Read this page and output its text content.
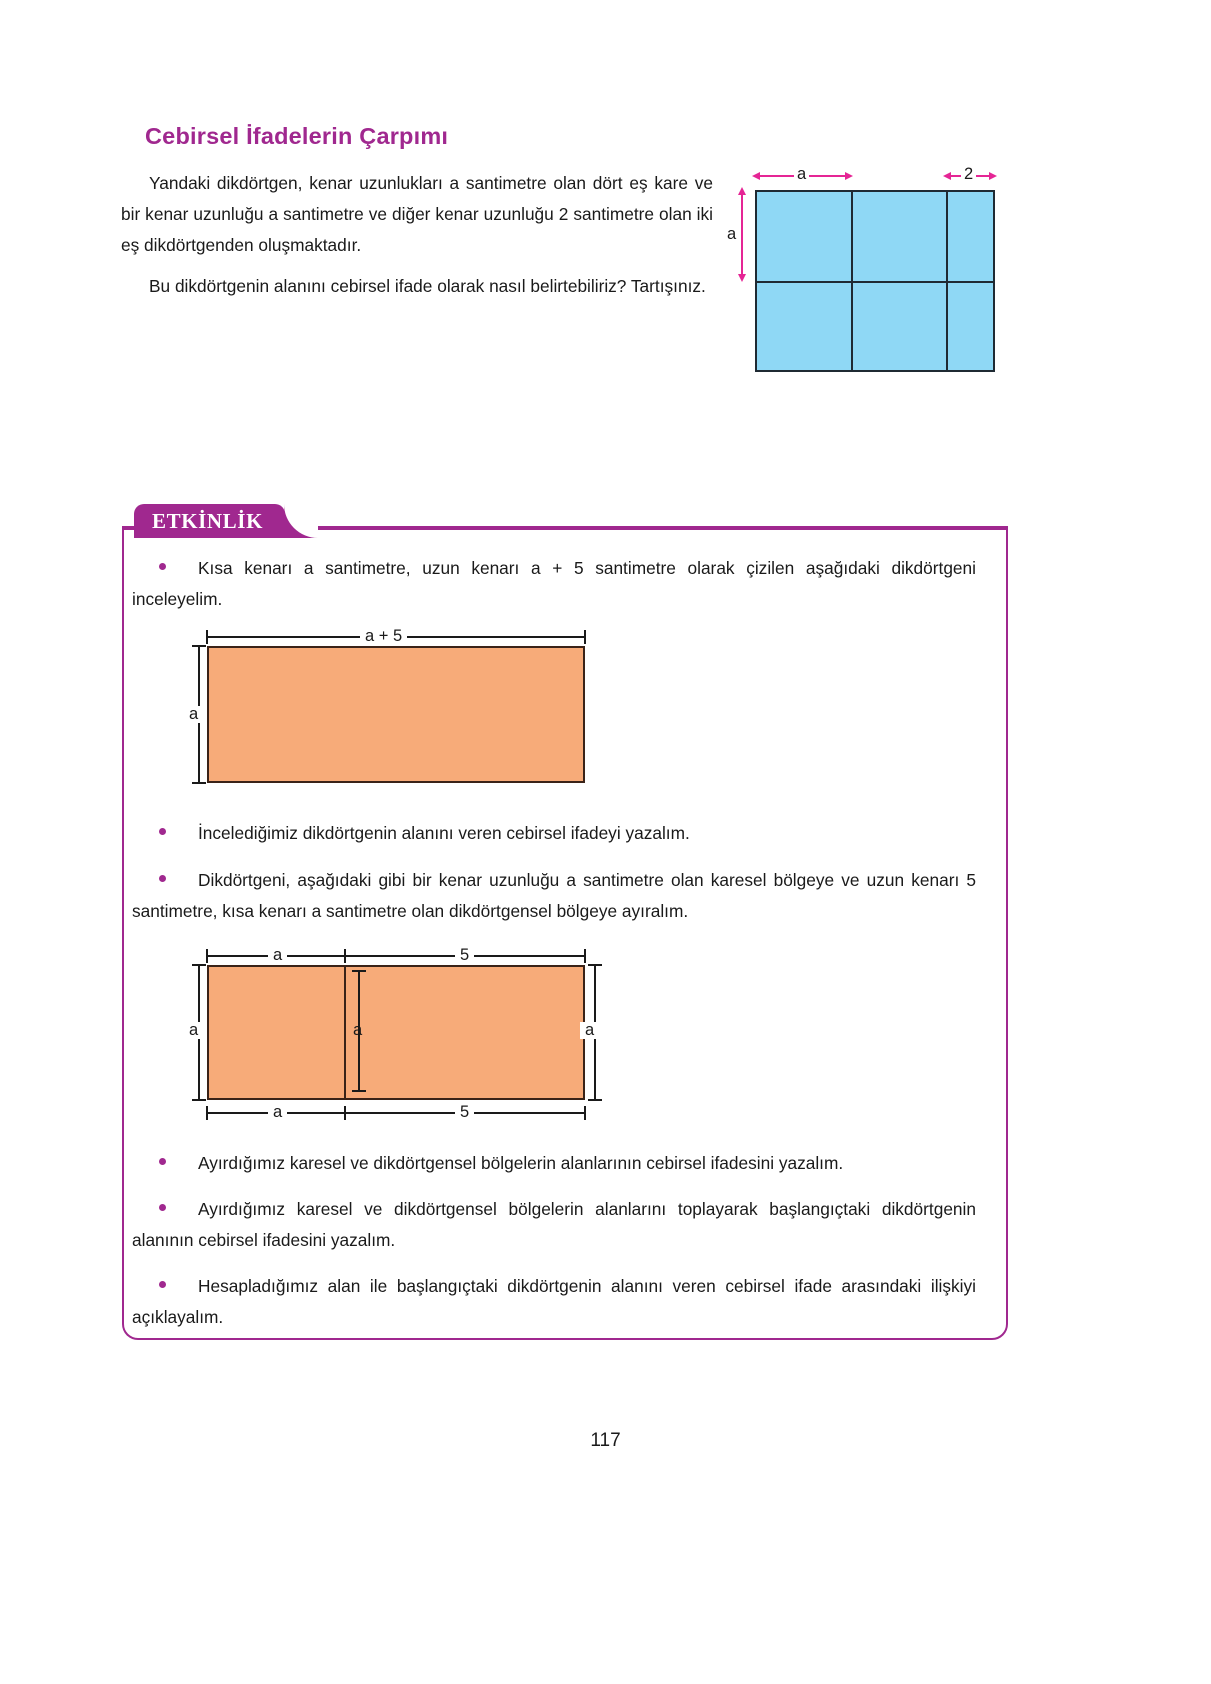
Cebirsel İfadelerin Çarpımı

Yandaki dikdörtgen, kenar uzunlukları a santimetre olan dört eş kare ve bir kenar uzunluğu a santimetre ve diğer kenar uzunluğu 2 santimetre olan iki eş dikdörtgenden oluşmaktadır.

Bu dikdörtgenin alanını cebirsel ifade olarak nasıl belirtebiliriz? Tartışınız.

a	2
a
ETKİNLİK
Kısa kenarı a santimetre, uzun kenarı a + 5 santimetre olarak çizilen aşağıdaki dikdörtgeni inceleyelim.
a + 5
a
İncelediğimiz dikdörtgenin alanını veren cebirsel ifadeyi yazalım.
Dikdörtgeni, aşağıdaki gibi bir kenar uzunluğu a santimetre olan karesel bölgeye ve uzun kenarı 5 santimetre, kısa kenarı a santimetre olan dikdörtgensel bölgeye ayıralım.
a	5
a	a	a
a	5
Ayırdığımız karesel ve dikdörtgensel bölgelerin alanlarının cebirsel ifadesini yazalım.
Ayırdığımız karesel ve dikdörtgensel bölgelerin alanlarını toplayarak başlangıçtaki dikdörtgenin alanının cebirsel ifadesini yazalım.
Hesapladığımız alan ile başlangıçtaki dikdörtgenin alanını veren cebirsel ifade arasındaki ilişkiyi açıklayalım.
117
